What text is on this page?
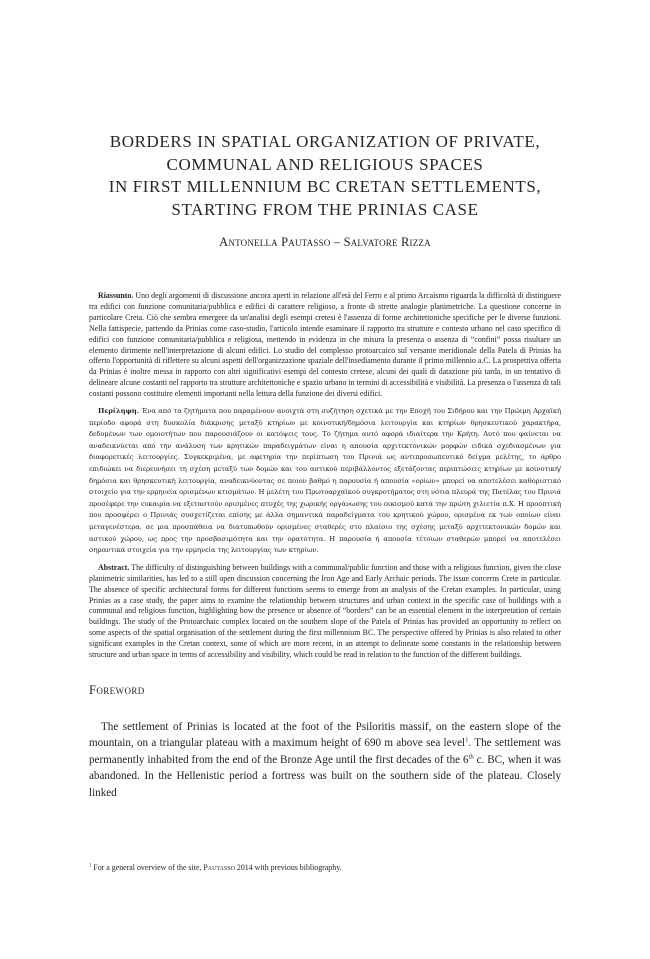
BORDERS IN SPATIAL ORGANIZATION OF PRIVATE,
COMMUNAL AND RELIGIOUS SPACES
IN FIRST MILLENNIUM BC CRETAN SETTLEMENTS,
STARTING FROM THE PRINIAS CASE
Antonella Pautasso – Salvatore Rizza

Riassunto. Uno degli argomenti di discussione ancora aperti in relazione all'età del Ferro e al primo Arcaismo riguarda la difficoltà di distinguere tra edifici con funzione comunitaria/pubblica e edifici di carattere religioso, a fronte di strette analogie planimetriche. La questione concerne in particolare Creta. Ciò che sembra emergere da un'analisi degli esempi cretesi è l'assenza di forme architettoniche specifiche per le diverse funzioni. Nella fattispecie, partendo da Prinias come caso-studio, l'articolo intende esaminare il rapporto tra strutture e contesto urbano nel caso specifico di edifici con funzione comunitaria/pubblica e religiosa, mettendo in evidenza in che misura la presenza o assenza di “confini” possa risultare un elemento dirimente nell'interpretazione di alcuni edifici. Lo studio del complesso protoarcaico sul versante meridionale della Patela di Prinias ha offerto l'opportunità di riflettere su alcuni aspetti dell'organizzazione spaziale dell'insediamento durante il primo millennio a.C. La prospettiva offerta da Prinias è inoltre messa in rapporto con altri significativi esempi del contesto cretese, alcuni dei quali di datazione più tarda, in un tentativo di delineare alcune costanti nel rapporto tra strutture architettoniche e spazio urbano in termini di accessibilità e visibilità. La presenza o l'assenza di tali costanti possono costituire elementi importanti nella lettura della funzione dei diversi edifici.

Περίληψη. Ένα από τα ζητήματα που παραμένουν ανοιχτά στη συζήτηση σχετικά με την Εποχή του Σιδήρου και την Πρώιμη Αρχαϊκή περίοδο αφορά στη δυσκολία διάκρισης μεταξύ κτηρίων με κοινοτική/δημόσια λειτουργία και κτηρίων θρησκευτικού χαρακτήρα, δεδομένων των ομοιοτήτων που παρουσιάζουν οι κατόψεις τους. Το ζήτημα αυτό αφορά ιδιαίτερα την Κρήτη. Αυτό που φαίνεται να αναδεικνύεται από την ανάλυση των κρητικών παραδειγμάτων είναι η απουσία αρχιτεκτονικών μορφών ειδικά σχεδιασμένων για διαφορετικές λειτουργίες. Συγκεκριμένα, με αφετηρία την περίπτωση του Πρινιά ως αντιπροσωπευτικό δείγμα μελέτης, το άρθρο επιδιώκει να διερευνήσει τη σχέση μεταξύ των δομών και του αστικού περιβάλλοντος εξετάζοντας περιπτώσεις κτηρίων με κοινοτική/δημόσια και θρησκευτική λειτουργία, αναδεικνύοντας σε ποιον βαθμό η παρουσία ή απουσία «ορίων» μπορεί να αποτελέσει καθοριστικό στοιχείο για την ερμηνεία ορισμένων κτισμάτων. Η μελέτη του Πρωτοαρχαϊκού συγκροτήματος στη νότια πλευρά της Πατέλας του Πρινιά προσέφερε την ευκαιρία να εξεταστούν ορισμένες πτυχές της χωρικής οργάνωσης του οικισμού κατά την πρώτη χιλιετία π.Χ. Η προοπτική που προσφέρει ο Πρινιάς συσχετίζεται επίσης με άλλα σημαντικά παραδείγματα του κρητικού χώρου, ορισμένα εκ των οποίων είναι μεταγενέστερα, σε μια προσπάθεια να διατυπωθούν ορισμένες σταθερές στο πλαίσιο της σχέσης μεταξύ αρχιτεκτονικών δομών και αστικού χώρου, ως προς την προσβασιμότητα και την ορατότητα. Η παρουσία ή απουσία τέτοιων σταθερών μπορεί να αποτελέσει σημαντικά στοιχεία για την ερμηνεία της λειτουργίας των κτηρίων.

Abstract. The difficulty of distinguishing between buildings with a communal/public function and those with a religious function, given the close planimetric similarities, has led to a still open discussion concerning the Iron Age and Early Archaic periods. The issue concerns Crete in particular. The absence of specific architectural forms for different functions seems to emerge from an analysis of the Cretan examples. In particular, using Prinias as a case study, the paper aims to examine the relationship between structures and urban context in the specific case of buildings with a communal and religious function, highlighting how the presence or absence of “borders” can be an essential element in the interpretation of certain buildings. The study of the Protoarchaic complex located on the southern slope of the Patela of Prinias has provided an opportunity to reflect on some aspects of the spatial organisation of the settlement during the first millennium BC. The perspective offered by Prinias is also related to other significant examples in the Cretan context, some of which are more recent, in an attempt to delineate some constants in the relationship between structure and urban space in terms of accessibility and visibility, which could be read in relation to the function of the different buildings.

Foreword

The settlement of Prinias is located at the foot of the Psiloritis massif, on the eastern slope of the mountain, on a triangular plateau with a maximum height of 690 m above sea level$^1$. The settlement was permanently inhabited from the end of the Bronze Age until the first decades of the 6th c. BC, when it was abandoned. In the Hellenistic period a fortress was built on the southern side of the plateau. Closely linked

$^1$ For a general overview of the site, Pautasso 2014 with previous bibliography.
